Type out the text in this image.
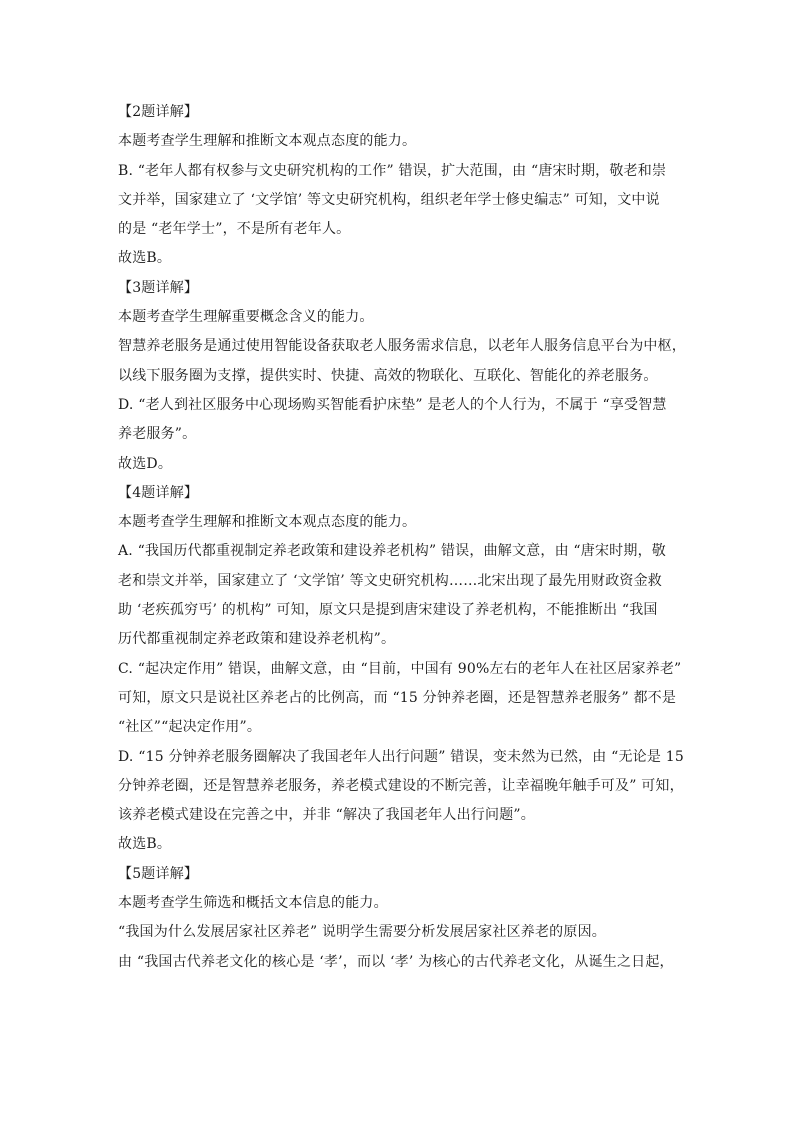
【2题详解】
本题考查学生理解和推断文本观点态度的能力。
B. “老年人都有权参与文史研究机构的工作” 错误，扩大范围，由 “唐宋时期，敬老和崇
文并举，国家建立了 ‘文学馆’ 等文史研究机构，组织老年学士修史编志” 可知，文中说
的是 “老年学士”，不是所有老年人。
故选B。
【3题详解】
本题考查学生理解重要概念含义的能力。
智慧养老服务是通过使用智能设备获取老人服务需求信息，以老年人服务信息平台为中枢，
以线下服务圈为支撑，提供实时、快捷、高效的物联化、互联化、智能化的养老服务。
D. “老人到社区服务中心现场购买智能看护床垫” 是老人的个人行为，不属于 “享受智慧
养老服务”。
故选D。
【4题详解】
本题考查学生理解和推断文本观点态度的能力。
A. “我国历代都重视制定养老政策和建设养老机构” 错误，曲解文意，由 “唐宋时期，敬
老和崇文并举，国家建立了 ‘文学馆’ 等文史研究机构……北宋出现了最先用财政资金救
助 ‘老疾孤穷丐’ 的机构” 可知，原文只是提到唐宋建设了养老机构，不能推断出 “我国
历代都重视制定养老政策和建设养老机构”。
C. “起决定作用” 错误，曲解文意，由 “目前，中国有 90%左右的老年人在社区居家养老”
可知，原文只是说社区养老占的比例高，而 “15 分钟养老圈，还是智慧养老服务” 都不是
“社区”“起决定作用”。
D. “15 分钟养老服务圈解决了我国老年人出行问题” 错误，变未然为已然，由 “无论是 15
分钟养老圈，还是智慧养老服务，养老模式建设的不断完善，让幸福晚年触手可及” 可知，
该养老模式建设在完善之中，并非 “解决了我国老年人出行问题”。
故选B。
【5题详解】
本题考查学生筛选和概括文本信息的能力。
“我国为什么发展居家社区养老” 说明学生需要分析发展居家社区养老的原因。
由 “我国古代养老文化的核心是 ‘孝’，而以 ‘孝’ 为核心的古代养老文化，从诞生之日起，
